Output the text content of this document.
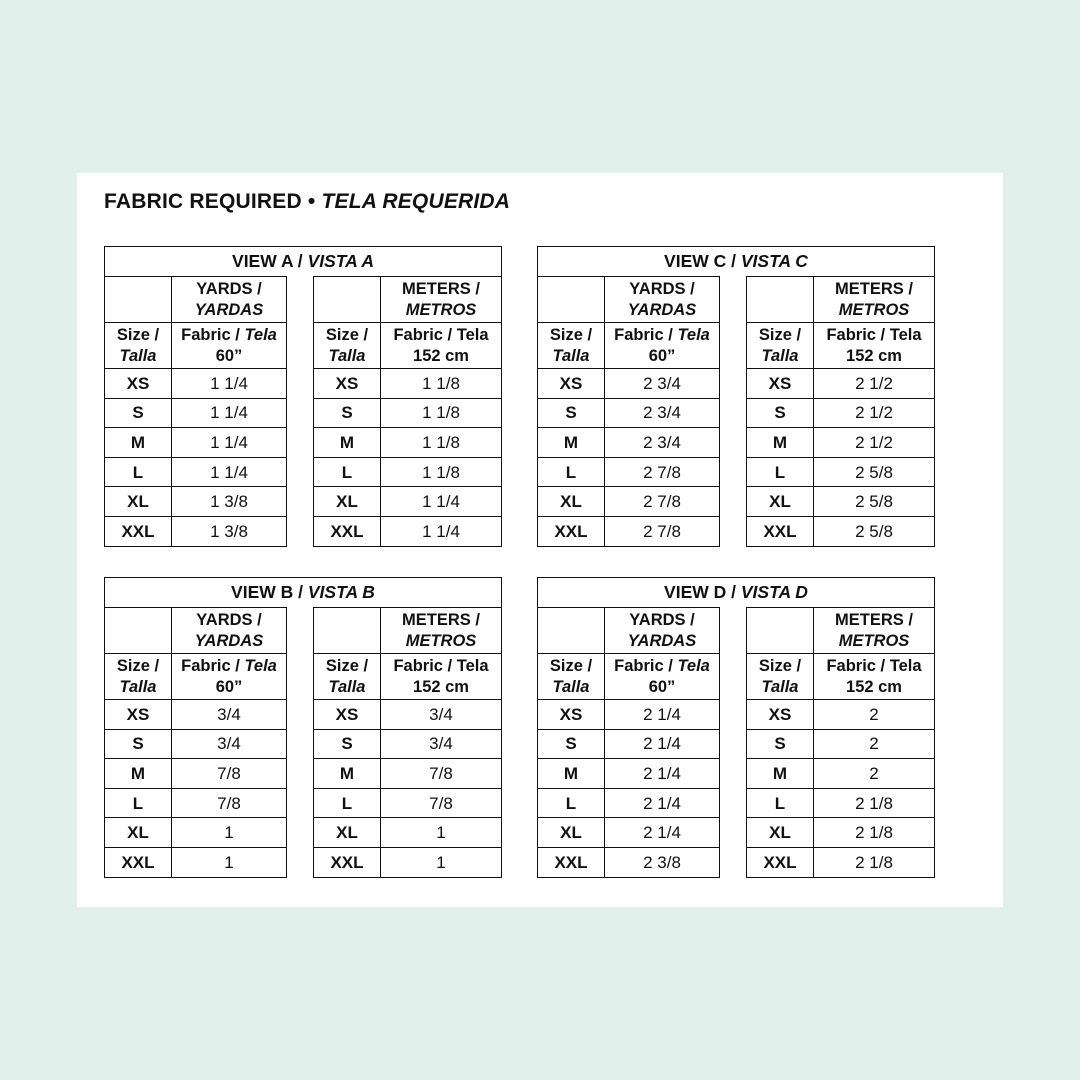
FABRIC REQUIRED • TELA REQUERIDA
VIEW A /
VISTA A

	YARDS /
YARDAS

Size /
Talla	Fabric / Tela
60”

XS	1 1/4
S	1 1/4
M	1 1/4
L	1 1/4
XL	1 3/8
XXL	1 3/8

	METERS /
METROS

Size /
Talla	Fabric / Tela
152 cm

XS	1 1/8
S	1 1/8
M	1 1/8
L	1 1/8
XL	1 1/4
XXL	1 1/4
VIEW C /
VISTA C

	YARDS /
YARDAS

Size /
Talla	Fabric / Tela
60”

XS	2 3/4
S	2 3/4
M	2 3/4
L	2 7/8
XL	2 7/8
XXL	2 7/8

	METERS /
METROS

Size /
Talla	Fabric / Tela
152 cm

XS	2 1/2
S	2 1/2
M	2 1/2
L	2 5/8
XL	2 5/8
XXL	2 5/8
VIEW B /
VISTA B

	YARDS /
YARDAS

Size /
Talla	Fabric / Tela
60”

XS	3/4
S	3/4
M	7/8
L	7/8
XL	1
XXL	1

	METERS /
METROS

Size /
Talla	Fabric / Tela
152 cm

XS	3/4
S	3/4
M	7/8
L	7/8
XL	1
XXL	1
VIEW D /
VISTA D

	YARDS /
YARDAS

Size /
Talla	Fabric / Tela
60”

XS	2 1/4
S	2 1/4
M	2 1/4
L	2 1/4
XL	2 1/4
XXL	2 3/8

	METERS /
METROS

Size /
Talla	Fabric / Tela
152 cm

XS	2
S	2
M	2
L	2 1/8
XL	2 1/8
XXL	2 1/8
